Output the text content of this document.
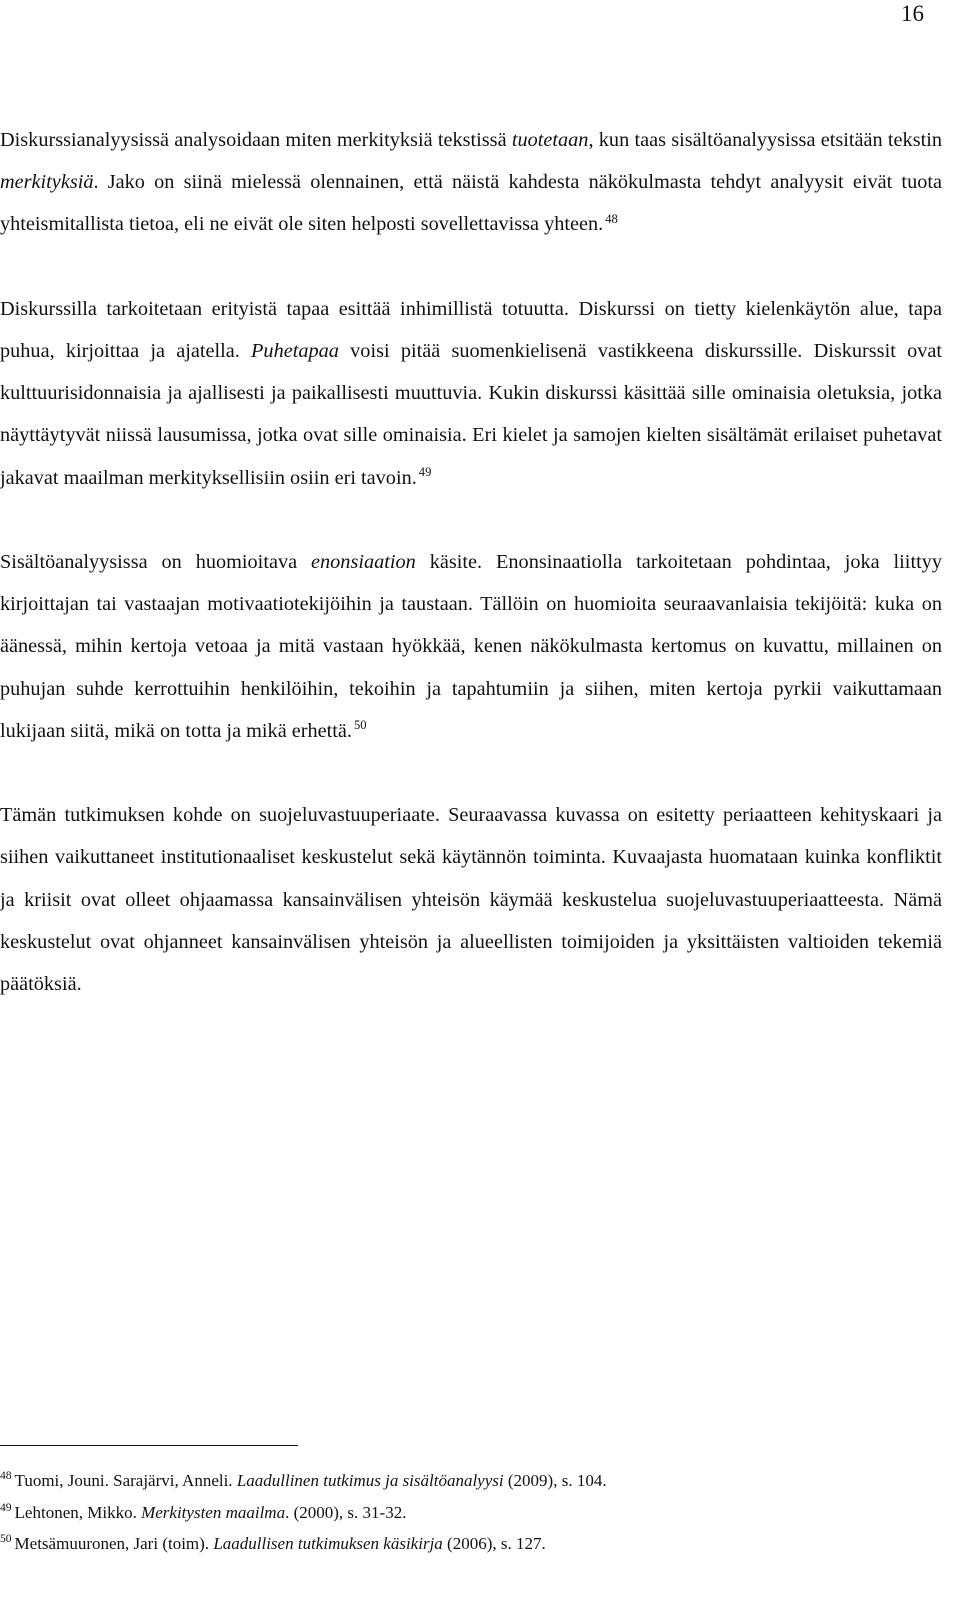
16

Diskurssianalyysissä analysoidaan miten merkityksiä tekstissä tuotetaan, kun taas sisältöanalyysissa etsitään tekstin merkityksiä. Jako on siinä mielessä olennainen, että näistä kahdesta näkökulmasta tehdyt analyysit eivät tuota yhteismitallista tietoa, eli ne eivät ole siten helposti sovellettavissa yhteen. $^{48}$

Diskurssilla tarkoitetaan erityistä tapaa esittää inhimillistä totuutta. Diskurssi on tietty kielenkäytön alue, tapa puhua, kirjoittaa ja ajatella. Puhetapaa voisi pitää suomenkielisenä vastikkeena diskurssille. Diskurssit ovat kulttuurisidonnaisia ja ajallisesti ja paikallisesti muuttuvia. Kukin diskurssi käsittää sille ominaisia oletuksia, jotka näyttäytyvät niissä lausumissa, jotka ovat sille ominaisia. Eri kielet ja samojen kielten sisältämät erilaiset puhetavat jakavat maailman merkityksellisiin osiin eri tavoin. $^{49}$

Sisältöanalyysissa on huomioitava enonsiaation käsite. Enonsinaatiolla tarkoitetaan pohdintaa, joka liittyy kirjoittajan tai vastaajan motivaatiotekijöihin ja taustaan. Tällöin on huomioita seuraavanlaisia tekijöitä: kuka on äänessä, mihin kertoja vetoaa ja mitä vastaan hyökkää, kenen näkökulmasta kertomus on kuvattu, millainen on puhujan suhde kerrottuihin henkilöihin, tekoihin ja tapahtumiin ja siihen, miten kertoja pyrkii vaikuttamaan lukijaan siitä, mikä on totta ja mikä erhettä. $^{50}$

Tämän tutkimuksen kohde on suojeluvastuuperiaate. Seuraavassa kuvassa on esitetty periaatteen kehityskaari ja siihen vaikuttaneet institutionaaliset keskustelut sekä käytännön toiminta. Kuvaajasta huomataan kuinka konfliktit ja kriisit ovat olleet ohjaamassa kansainvälisen yhteisön käymää keskustelua suojeluvastuuperiaatteesta. Nämä keskustelut ovat ohjanneet kansainvälisen yhteisön ja alueellisten toimijoiden ja yksittäisten valtioiden tekemiä päätöksiä.

$^{48}$ Tuomi, Jouni. Sarajärvi, Anneli. Laadullinen tutkimus ja sisältöanalyysi (2009), s. 104.

$^{49}$ Lehtonen, Mikko. Merkitysten maailma. (2000), s. 31-32.

$^{50}$ Metsämuuronen, Jari (toim). Laadullisen tutkimuksen käsikirja (2006), s. 127.
